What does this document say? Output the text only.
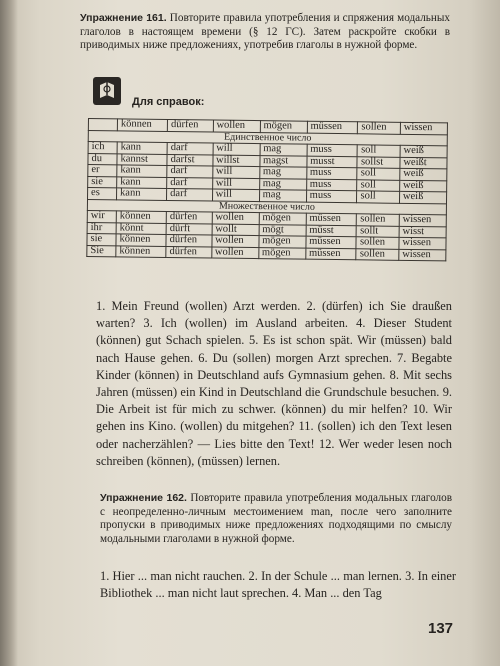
Упражнение 161. Повторите правила употребления и спряжения модальных глаголов в настоящем времени (§ 12 ГС). Затем раскройте скобки в приводимых ниже предложениях, употребив глаголы в нужной форме.
Для справок:
	können	dürfen	wollen	mögen	müssen	sollen	wissen
Единственное число							
ich	kann	darf	will	mag	muss	soll	weiß
du	kannst	darfst	willst	magst	musst	sollst	weißt
er	kann	darf	will	mag	muss	soll	weiß
sie	kann	darf	will	mag	muss	soll	weiß
es	kann	darf	will	mag	muss	soll	weiß
Множественное число							
wir	können	dürfen	wollen	mögen	müssen	sollen	wissen
ihr	könnt	dürft	wollt	mögt	müsst	sollt	wisst
sie	können	dürfen	wollen	mögen	müssen	sollen	wissen
Sie	können	dürfen	wollen	mögen	müssen	sollen	wissen
1. Mein Freund (wollen) Arzt werden. 2. (dürfen) ich Sie draußen warten? 3. Ich (wollen) im Ausland arbeiten. 4. Dieser Student (können) gut Schach spielen. 5. Es ist schon spät. Wir (müssen) bald nach Hause gehen. 6. Du (sollen) morgen Arzt sprechen. 7. Begabte Kinder (können) in Deutschland aufs Gymnasium gehen. 8. Mit sechs Jahren (müssen) ein Kind in Deutschland die Grundschule besuchen. 9. Die Arbeit ist für mich zu schwer. (können) du mir helfen? 10. Wir gehen ins Kino. (wollen) du mitgehen? 11. (sollen) ich den Text lesen oder nacherzählen? — Lies bitte den Text! 12. Wer weder lesen noch schreiben (können), (müssen) lernen.
Упражнение 162. Повторите правила употребления модальных глаголов с неопределенно-личным местоимением man, после чего заполните пропуски в приводимых ниже предложениях подходящими по смыслу модальными глаголами в нужной форме.
1. Hier ... man nicht rauchen. 2. In der Schule ... man lernen. 3. In einer Bibliothek ... man nicht laut sprechen. 4. Man ... den Tag
137
